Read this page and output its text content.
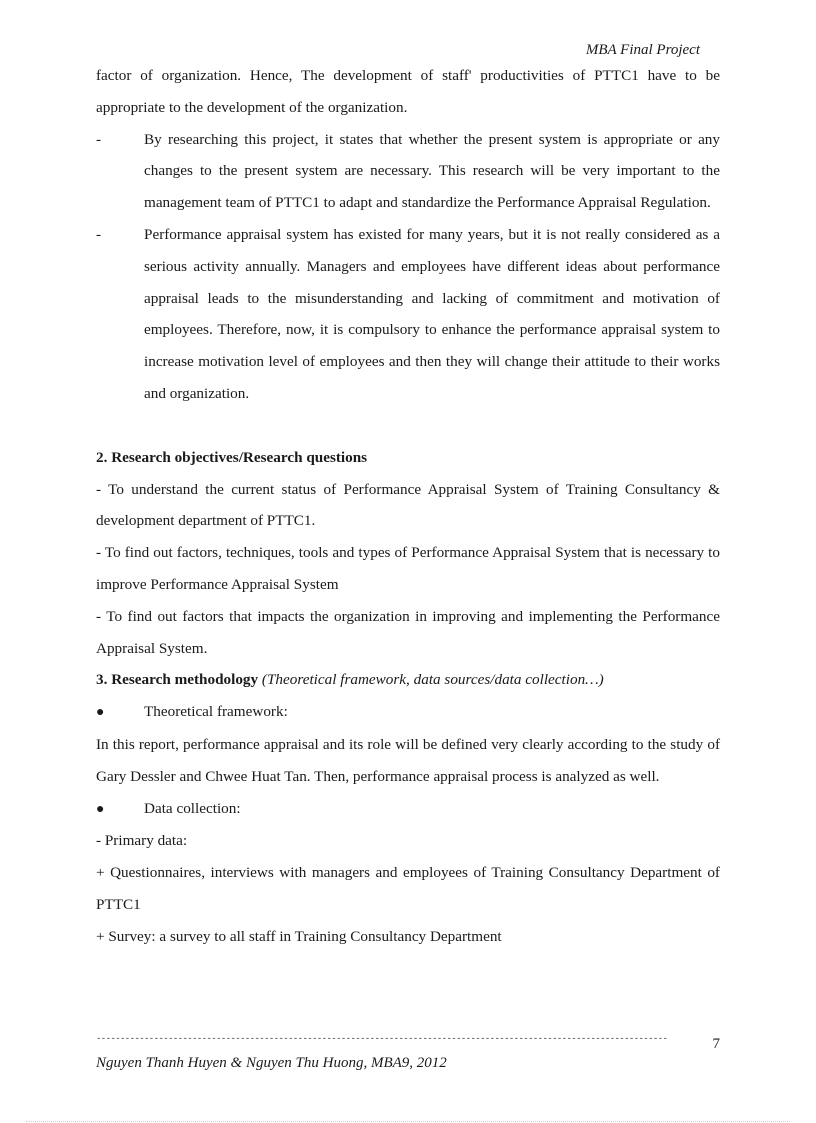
MBA Final Project

factor of organization. Hence, The development of staff' productivities of PTTC1 have to be appropriate to the development of the organization.

-	By researching this project, it states that whether the present system is appropriate or any changes to the present system are necessary. This research will be very important to the management team of PTTC1 to adapt and standardize the Performance Appraisal Regulation.
-	Performance appraisal system has existed for many years, but it is not really considered as a serious activity annually. Managers and employees have different ideas about performance appraisal leads to the misunderstanding and lacking of commitment and motivation of employees. Therefore, now, it is compulsory to enhance the performance appraisal system to increase motivation level of employees and then they will change their attitude to their works and organization.

2. Research objectives/Research questions

- To understand the current status of Performance Appraisal System of Training Consultancy & development department of PTTC1.

- To find out factors, techniques, tools and types of Performance Appraisal System that is necessary to improve Performance Appraisal System

- To find out factors that impacts the organization in improving and implementing the Performance Appraisal System.

3. Research methodology (Theoretical framework, data sources/data collection…)

●	Theoretical framework:

In this report, performance appraisal and its role will be defined very clearly according to the study of Gary Dessler and Chwee Huat Tan. Then, performance appraisal process is analyzed as well.

●	Data collection:

- Primary data:

+ Questionnaires, interviews with managers and employees of Training Consultancy Department of PTTC1

+ Survey: a survey to all staff in Training Consultancy Department

-----------------------------------------------------------------------------------------------------------------------	7
Nguyen Thanh Huyen & Nguyen Thu Huong, MBA9, 2012
